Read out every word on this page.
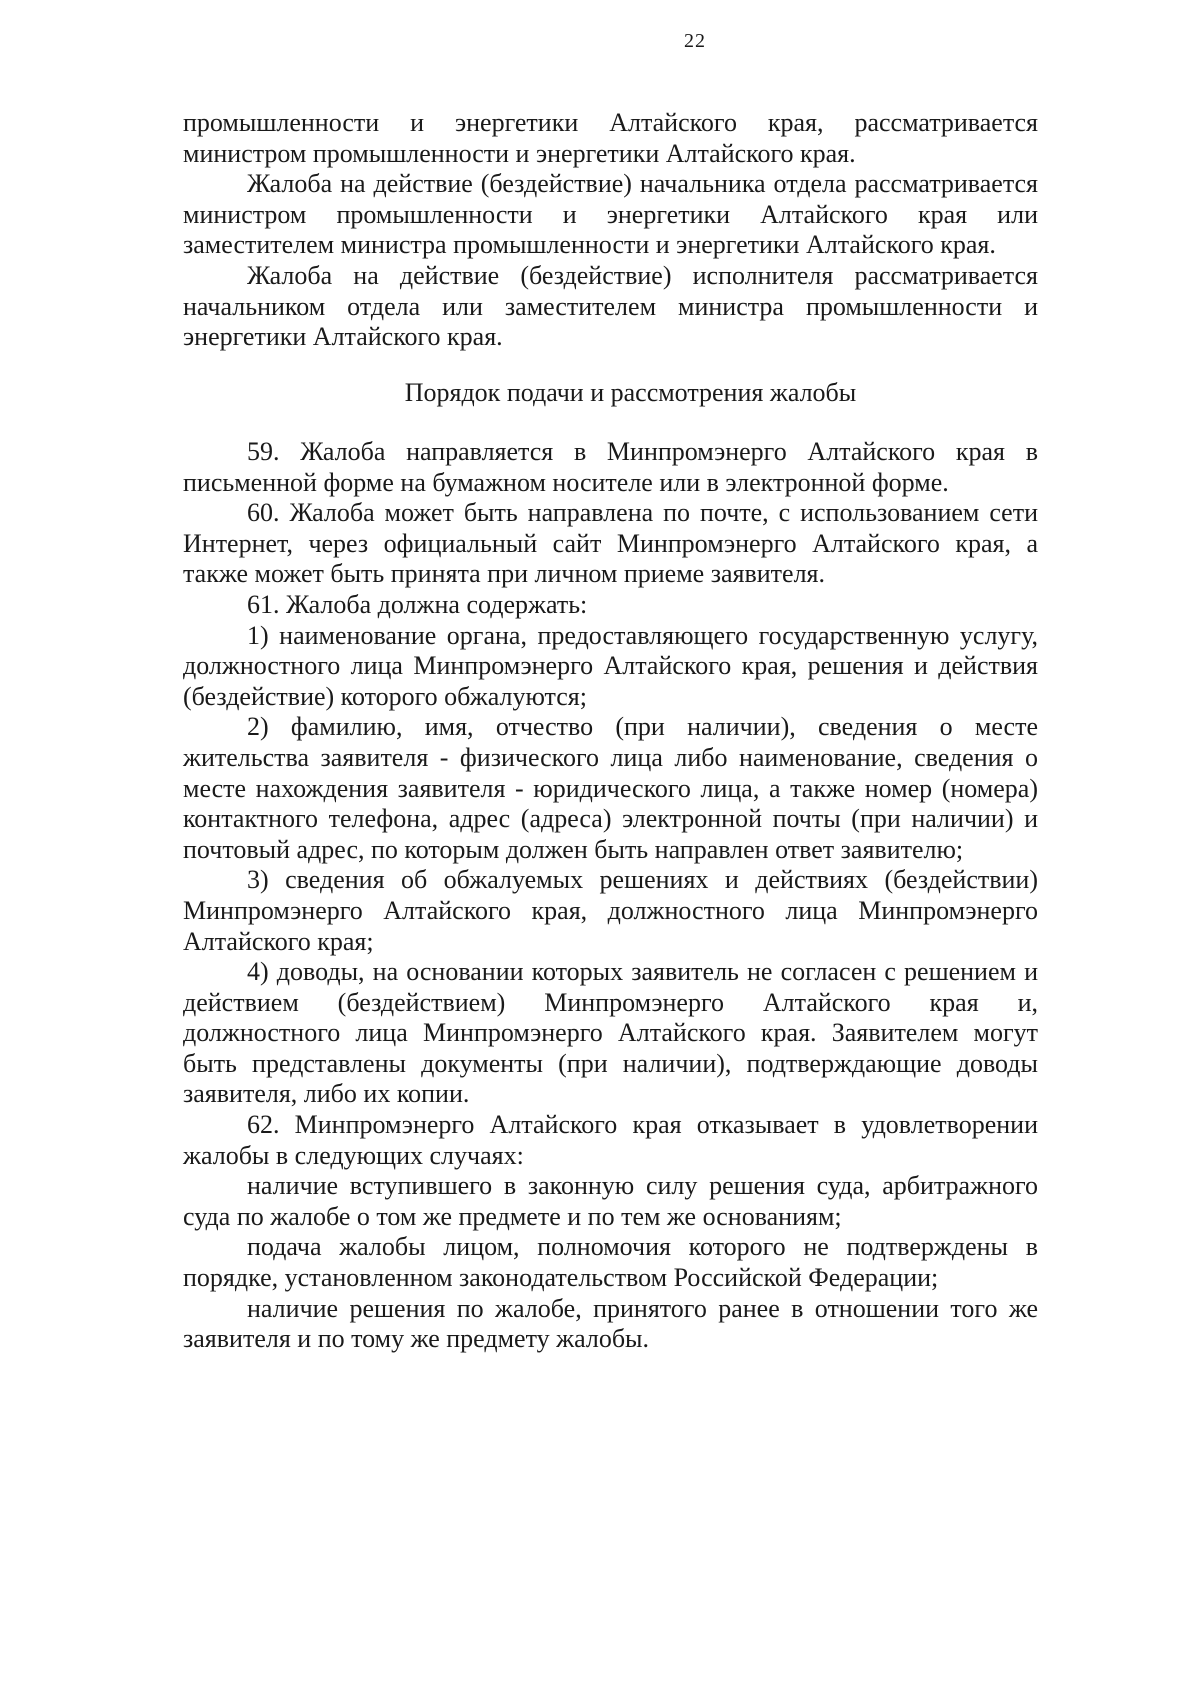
22

промышленности и энергетики Алтайского края, рассматривается министром промышленности и энергетики Алтайского края.

Жалоба на действие (бездействие) начальника отдела рассматривается министром промышленности и энергетики Алтайского края или заместителем министра промышленности и энергетики Алтайского края.

Жалоба на действие (бездействие) исполнителя рассматривается начальником отдела или заместителем министра промышленности и энергетики Алтайского края.

Порядок подачи и рассмотрения жалобы

59. Жалоба направляется в Минпромэнерго Алтайского края в письменной форме на бумажном носителе или в электронной форме.

60. Жалоба может быть направлена по почте, с использованием сети Интернет, через официальный сайт Минпромэнерго Алтайского края, а также может быть принята при личном приеме заявителя.

61. Жалоба должна содержать:

1) наименование органа, предоставляющего государственную услугу, должностного лица Минпромэнерго Алтайского края, решения и действия (бездействие) которого обжалуются;

2) фамилию, имя, отчество (при наличии), сведения о месте жительства заявителя - физического лица либо наименование, сведения о месте нахождения заявителя - юридического лица, а также номер (номера) контактного телефона, адрес (адреса) электронной почты (при наличии) и почтовый адрес, по которым должен быть направлен ответ заявителю;

3) сведения об обжалуемых решениях и действиях (бездействии) Минпромэнерго Алтайского края, должностного лица Минпромэнерго Алтайского края;

4) доводы, на основании которых заявитель не согласен с решением и действием (бездействием) Минпромэнерго Алтайского края и, должностного лица Минпромэнерго Алтайского края. Заявителем могут быть представлены документы (при наличии), подтверждающие доводы заявителя, либо их копии.

62. Минпромэнерго Алтайского края отказывает в удовлетворении жалобы в следующих случаях:

наличие вступившего в законную силу решения суда, арбитражного суда по жалобе о том же предмете и по тем же основаниям;

подача жалобы лицом, полномочия которого не подтверждены в порядке, установленном законодательством Российской Федерации;

наличие решения по жалобе, принятого ранее в отношении того же заявителя и по тому же предмету жалобы.
